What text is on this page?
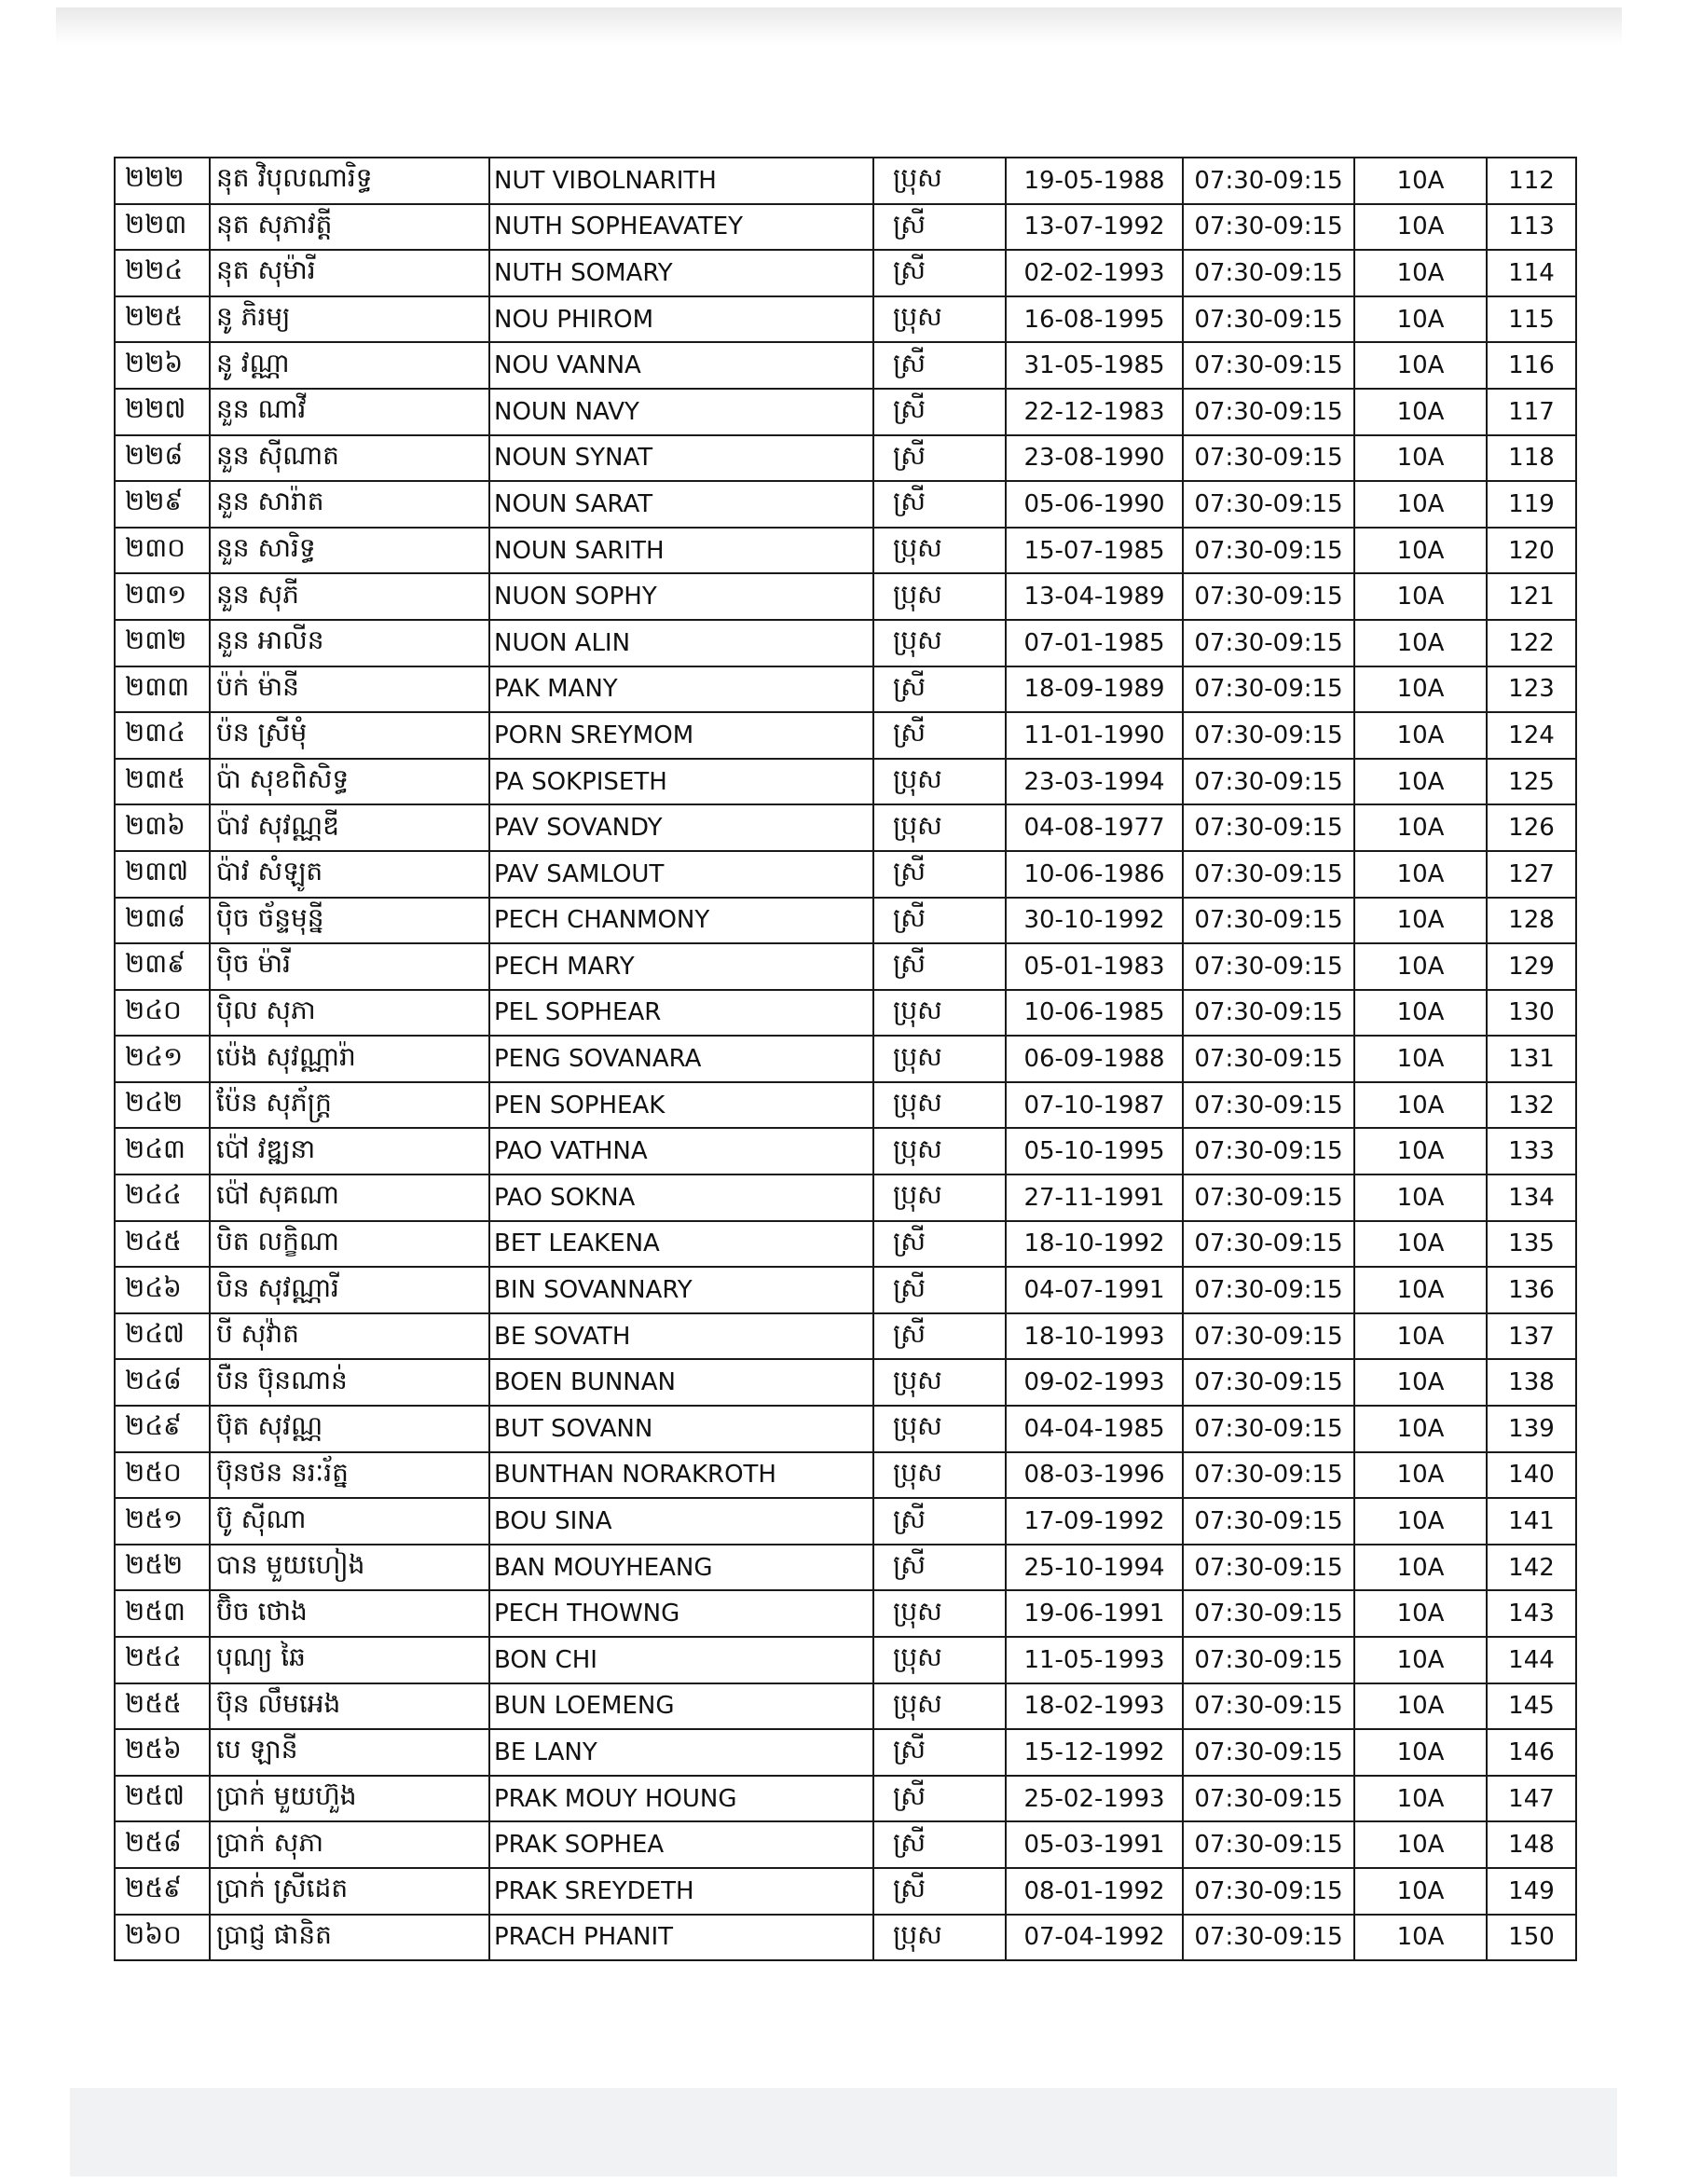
២២២	នុត វិបុលណារិទ្ធ	NUT VIBOLNARITH	ប្រុស	19-05-1988	07:30-09:15	10A	112
២២៣	នុត សុភាវត្តី	NUTH SOPHEAVATEY	ស្រី	13-07-1992	07:30-09:15	10A	113
២២៤	នុត សុម៉ារី	NUTH SOMARY	ស្រី	02-02-1993	07:30-09:15	10A	114
២២៥	នូ ភិរម្យ	NOU PHIROM	ប្រុស	16-08-1995	07:30-09:15	10A	115
២២៦	នូ វណ្ណា	NOU VANNA	ស្រី	31-05-1985	07:30-09:15	10A	116
២២៧	នួន ណាវី	NOUN NAVY	ស្រី	22-12-1983	07:30-09:15	10A	117
២២៨	នួន ស៊ីណាត	NOUN SYNAT	ស្រី	23-08-1990	07:30-09:15	10A	118
២២៩	នួន សារ៉ាត	NOUN SARAT	ស្រី	05-06-1990	07:30-09:15	10A	119
២៣០	នួន សារិទ្ធ	NOUN SARITH	ប្រុស	15-07-1985	07:30-09:15	10A	120
២៣១	នួន សុភី	NUON SOPHY	ប្រុស	13-04-1989	07:30-09:15	10A	121
២៣២	នួន អាលីន	NUON ALIN	ប្រុស	07-01-1985	07:30-09:15	10A	122
២៣៣	ប៉ក់ ម៉ានី	PAK MANY	ស្រី	18-09-1989	07:30-09:15	10A	123
២៣៤	ប៉ន ស្រីមុំ	PORN SREYMOM	ស្រី	11-01-1990	07:30-09:15	10A	124
២៣៥	ប៉ា សុខពិសិទ្ធ	PA SOKPISETH	ប្រុស	23-03-1994	07:30-09:15	10A	125
២៣៦	ប៉ាវ សុវណ្ណឌី	PAV SOVANDY	ប្រុស	04-08-1977	07:30-09:15	10A	126
២៣៧	ប៉ាវ សំឡូត	PAV SAMLOUT	ស្រី	10-06-1986	07:30-09:15	10A	127
២៣៨	ប៉ិច ច័ន្ទមុន្នី	PECH CHANMONY	ស្រី	30-10-1992	07:30-09:15	10A	128
២៣៩	ប៉ិច ម៉ារី	PECH MARY	ស្រី	05-01-1983	07:30-09:15	10A	129
២៤០	ប៉ិល សុភា	PEL SOPHEAR	ប្រុស	10-06-1985	07:30-09:15	10A	130
២៤១	ប៉េង សុវណ្ណារ៉ា	PENG SOVANARA	ប្រុស	06-09-1988	07:30-09:15	10A	131
២៤២	ប៉ែន សុភ័ក្ត្រ	PEN SOPHEAK	ប្រុស	07-10-1987	07:30-09:15	10A	132
២៤៣	ប៉ៅ វឌ្ឍនា	PAO VATHNA	ប្រុស	05-10-1995	07:30-09:15	10A	133
២៤៤	ប៉ៅ សុគណា	PAO SOKNA	ប្រុស	27-11-1991	07:30-09:15	10A	134
២៤៥	បិត លក្ខិណា	BET LEAKENA	ស្រី	18-10-1992	07:30-09:15	10A	135
២៤៦	បិន សុវណ្ណារី	BIN SOVANNARY	ស្រី	04-07-1991	07:30-09:15	10A	136
២៤៧	បី សុវ៉ាត	BE SOVATH	ស្រី	18-10-1993	07:30-09:15	10A	137
២៤៨	បឺន ប៊ុនណាន់	BOEN BUNNAN	ប្រុស	09-02-1993	07:30-09:15	10A	138
២៤៩	ប៊ុត សុវណ្ណ	BUT SOVANN	ប្រុស	04-04-1985	07:30-09:15	10A	139
២៥០	ប៊ុនថន នរៈរ័ត្ន	BUNTHAN NORAKROTH	ប្រុស	08-03-1996	07:30-09:15	10A	140
២៥១	ប៊ូ ស៊ីណា	BOU SINA	ស្រី	17-09-1992	07:30-09:15	10A	141
២៥២	បាន មួយហៀង	BAN MOUYHEANG	ស្រី	25-10-1994	07:30-09:15	10A	142
២៥៣	ប៊ិច ថោង	PECH THOWNG	ប្រុស	19-06-1991	07:30-09:15	10A	143
២៥៤	បុណ្យ ឆៃ	BON CHI	ប្រុស	11-05-1993	07:30-09:15	10A	144
២៥៥	ប៊ុន លឹមអេង	BUN LOEMENG	ប្រុស	18-02-1993	07:30-09:15	10A	145
២៥៦	បេ ឡានី	BE LANY	ស្រី	15-12-1992	07:30-09:15	10A	146
២៥៧	ប្រាក់ មួយហ៊ួង	PRAK MOUY HOUNG	ស្រី	25-02-1993	07:30-09:15	10A	147
២៥៨	ប្រាក់ សុភា	PRAK SOPHEA	ស្រី	05-03-1991	07:30-09:15	10A	148
២៥៩	ប្រាក់ ស្រីដេត	PRAK SREYDETH	ស្រី	08-01-1992	07:30-09:15	10A	149
២៦០	ប្រាជ្ញ ផានិត	PRACH PHANIT	ប្រុស	07-04-1992	07:30-09:15	10A	150
